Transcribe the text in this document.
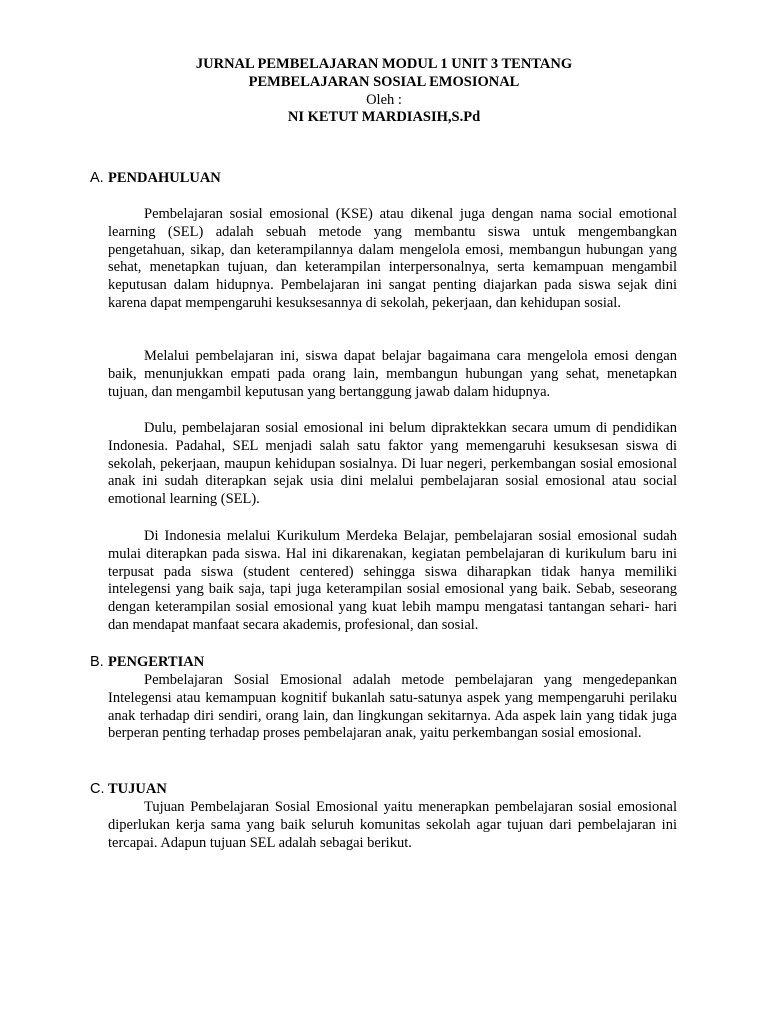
JURNAL PEMBELAJARAN MODUL 1 UNIT 3 TENTANG
PEMBELAJARAN SOSIAL EMOSIONAL
Oleh :
NI KETUT MARDIASIH,S.Pd
A. PENDAHULUAN

Pembelajaran sosial emosional (KSE) atau dikenal juga dengan nama social emotional learning (SEL) adalah sebuah metode yang membantu siswa untuk mengembangkan pengetahuan, sikap, dan keterampilannya dalam mengelola emosi, membangun hubungan yang sehat, menetapkan tujuan, dan keterampilan interpersonalnya, serta kemampuan mengambil keputusan dalam hidupnya. Pembelajaran ini sangat penting diajarkan pada siswa sejak dini karena dapat mempengaruhi kesuksesannya di sekolah, pekerjaan, dan kehidupan sosial.

Melalui pembelajaran ini, siswa dapat belajar bagaimana cara mengelola emosi dengan baik, menunjukkan empati pada orang lain, membangun hubungan yang sehat, menetapkan tujuan, dan mengambil keputusan yang bertanggung jawab dalam hidupnya.

Dulu, pembelajaran sosial emosional ini belum dipraktekkan secara umum di pendidikan Indonesia. Padahal, SEL menjadi salah satu faktor yang memengaruhi kesuksesan siswa di sekolah, pekerjaan, maupun kehidupan sosialnya. Di luar negeri, perkembangan sosial emosional anak ini sudah diterapkan sejak usia dini melalui pembelajaran sosial emosional atau social emotional learning (SEL).

Di Indonesia melalui Kurikulum Merdeka Belajar, pembelajaran sosial emosional sudah mulai diterapkan pada siswa. Hal ini dikarenakan, kegiatan pembelajaran di kurikulum baru ini terpusat pada siswa (student centered) sehingga siswa diharapkan tidak hanya memiliki intelegensi yang baik saja, tapi juga keterampilan sosial emosional yang baik. Sebab, seseorang dengan keterampilan sosial emosional yang kuat lebih mampu mengatasi tantangan sehari- hari dan mendapat manfaat secara akademis, profesional, dan sosial.

B. PENGERTIAN

Pembelajaran Sosial Emosional adalah metode pembelajaran yang mengedepankan Intelegensi atau kemampuan kognitif bukanlah satu-satunya aspek yang mempengaruhi perilaku anak terhadap diri sendiri, orang lain, dan lingkungan sekitarnya. Ada aspek lain yang tidak juga berperan penting terhadap proses pembelajaran anak, yaitu perkembangan sosial emosional.

C. TUJUAN

Tujuan Pembelajaran Sosial Emosional yaitu menerapkan pembelajaran sosial emosional diperlukan kerja sama yang baik seluruh komunitas sekolah agar tujuan dari pembelajaran ini tercapai. Adapun tujuan SEL adalah sebagai berikut.
